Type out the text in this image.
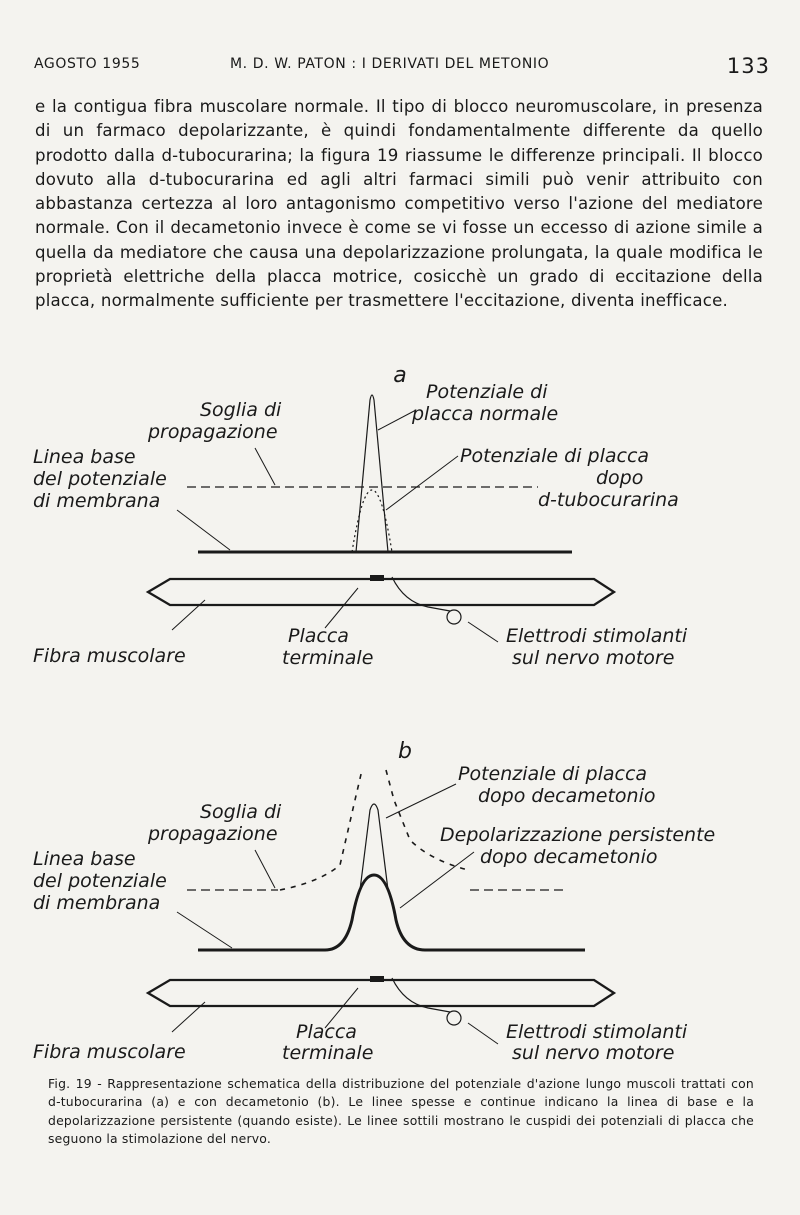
AGOSTO 1955	M. D. W. PATON : I DERIVATI DEL METONIO	133
e la contigua fibra muscolare normale. Il tipo di blocco neuromuscolare, in presenza di un farmaco depolarizzante, è quindi fondamentalmente differente da quello prodotto dalla d-tubocurarina; la figura 19 riassume le differenze principali. Il blocco dovuto alla d-tubocurarina ed agli altri farmaci simili può venir attribuito con abbastanza certezza al loro antagonismo competitivo verso l'azione del mediatore normale. Con il decametonio invece è come se vi fosse un eccesso di azione simile a quella da mediatore che causa una depolarizzazione prolungata, la quale modifica le proprietà elettriche della placca motrice, cosicchè un grado di eccitazione della placca, normalmente sufficiente per trasmettere l'eccitazione, diventa inefficace.
a
Soglia di
propagazione
Linea base
del potenziale
di membrana
Potenziale di
placca normale
Potenziale di placca
dopo
d-tubocurarina
Fibra muscolare
Placca
terminale
Elettrodi stimolanti
sul nervo motore
b
Potenziale di placca
dopo decametonio
Soglia di
propagazione	Depolarizzazione persistente
dopo decametonio
Linea base
del potenziale
di membrana
Fibra muscolare
Placca
terminale
Elettrodi stimolanti
sul nervo motore
Fig. 19 - Rappresentazione schematica della distribuzione del potenziale d'azione lungo muscoli trattati con d-tubocurarina (a) e con decametonio (b). Le linee spesse e continue indicano la linea di base e la depolarizzazione persistente (quando esiste). Le linee sottili mostrano le cuspidi dei potenziali di placca che seguono la stimolazione del nervo.
